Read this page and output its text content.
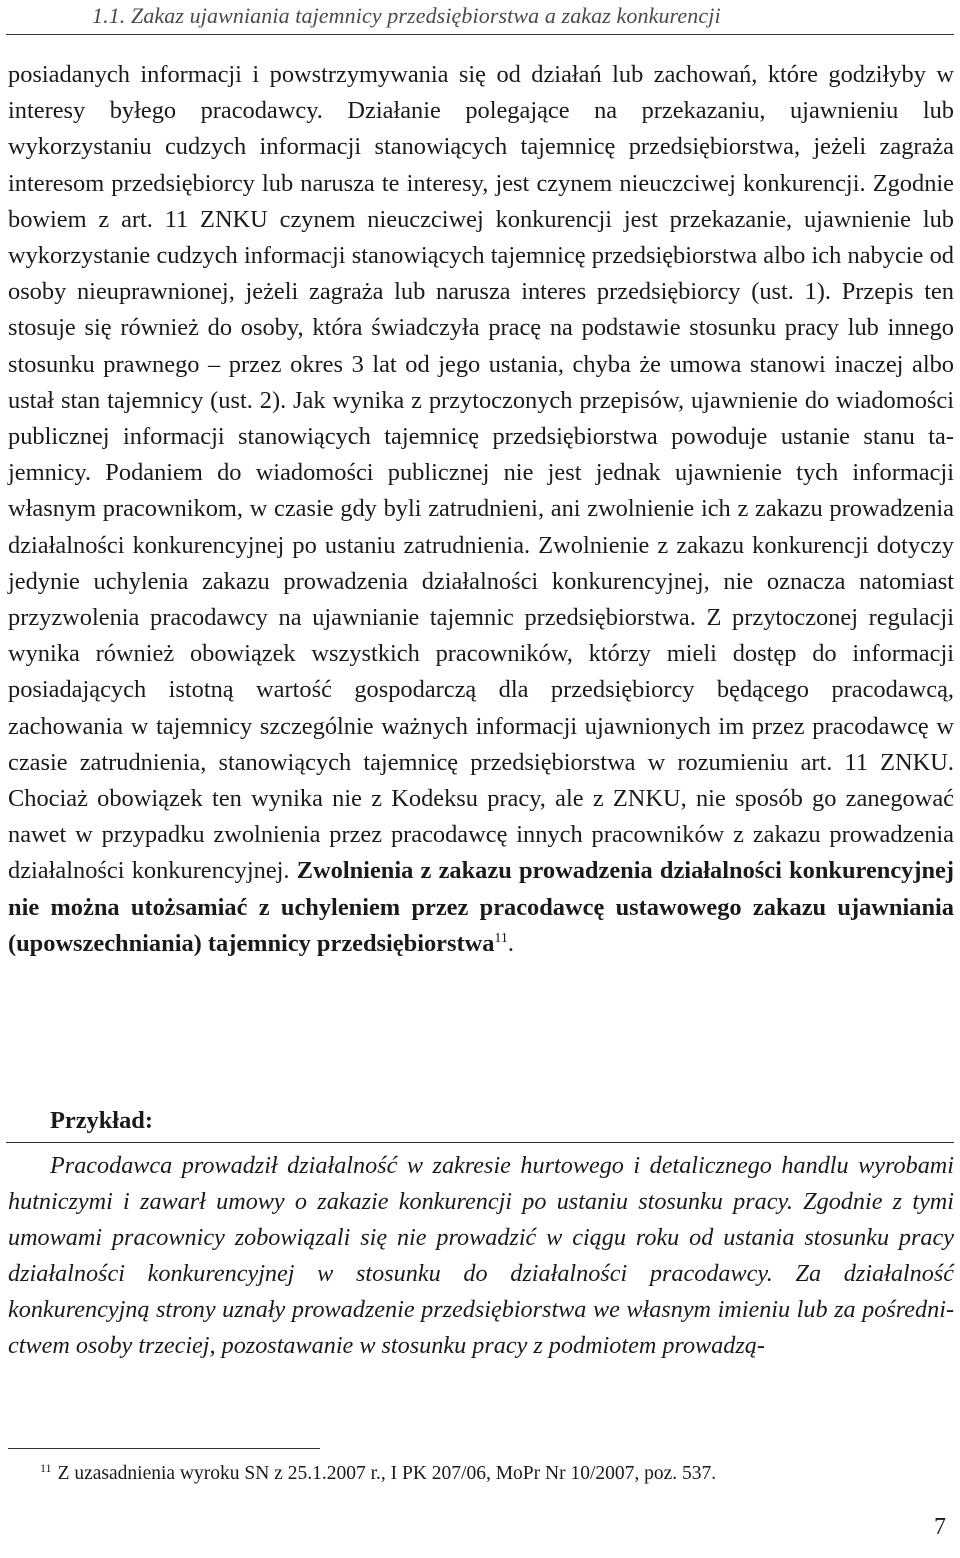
1.1. Zakaz ujawniania tajemnicy przedsiębiorstwa a zakaz konkurencji
posiadanych informacji i powstrzymywania się od działań lub zachowań, które godziłyby w interesy byłego pracodawcy. Działanie polegające na przekazaniu, ujawnieniu lub wykorzystaniu cudzych informacji stanowiących tajemnicę przedsiębiorstwa, jeżeli zagraża interesom przedsiębiorcy lub narusza te interesy, jest czynem nieuczciwej konkurencji. Zgodnie bowiem z art. 11 ZNKU czynem nieuczciwej konkurencji jest przekazanie, ujawnienie lub wykorzystanie cudzych informacji stanowiących tajemnicę przedsiębiorstwa albo ich nabycie od osoby nieuprawnionej, jeżeli zagraża lub narusza interes przedsiębiorcy (ust. 1). Przepis ten stosuje się również do osoby, która świadczyła pracę na podstawie stosunku pracy lub innego stosunku prawnego – przez okres 3 lat od jego ustania, chyba że umowa stanowi inaczej albo ustał stan tajemnicy (ust. 2). Jak wynika z przytoczonych przepisów, ujawnienie do wiadomości publicznej informacji stanowiących tajemnicę przedsiębiorstwa powoduje ustanie stanu tajemnicy. Podaniem do wiadomości publicznej nie jest jednak ujawnienie tych informacji własnym pracownikom, w czasie gdy byli zatrudnieni, ani zwolnienie ich z zakazu prowadzenia działalności konkurencyjnej po ustaniu zatrudnienia. Zwolnienie z zakazu konkurencji dotyczy jedynie uchylenia zakazu prowadzenia działalności konkurencyjnej, nie oznacza natomiast przyzwolenia pracodawcy na ujawnianie tajemnic przedsiębiorstwa. Z przytoczonej regulacji wynika również obowiązek wszystkich pracowników, którzy mieli dostęp do informacji posiadających istotną wartość gospodarczą dla przedsiębiorcy będącego pracodawcą, zachowania w tajemnicy szczególnie ważnych informacji ujawnionych im przez pracodawcę w czasie zatrudnienia, stanowiących tajemnicę przedsiębiorstwa w rozumieniu art. 11 ZNKU. Chociaż obowiązek ten wynika nie z Kodeksu pracy, ale z ZNKU, nie sposób go zanegować nawet w przypadku zwolnienia przez pracodawcę innych pracowników z zakazu prowadzenia działalności konkurencyjnej. Zwolnienia z zakazu prowadzenia działalności konkurencyjnej nie można utożsamiać z uchyleniem przez pracodawcę ustawowego zakazu ujawniania (upowszechniania) tajemnicy przedsiębiorstwa$^{11}$.
Przykład:
Pracodawca prowadził działalność w zakresie hurtowego i detalicznego handlu wyrobami hutniczymi i zawarł umowy o zakazie konkurencji po ustaniu stosunku pracy. Zgodnie z tymi umowami pracownicy zobowiązali się nie prowadzić w ciągu roku od ustania stosunku pracy działalności konkurencyjnej w stosunku do działalności pracodawcy. Za działalność konkurencyjną strony uznały prowadzenie przedsiębiorstwa we własnym imieniu lub za pośrednictwem osoby trzeciej, pozostawanie w stosunku pracy z podmiotem prowadzą-
$^{11}$ Z uzasadnienia wyroku SN z 25.1.2007 r., I PK 207/06, MoPr Nr 10/2007, poz. 537.
7
